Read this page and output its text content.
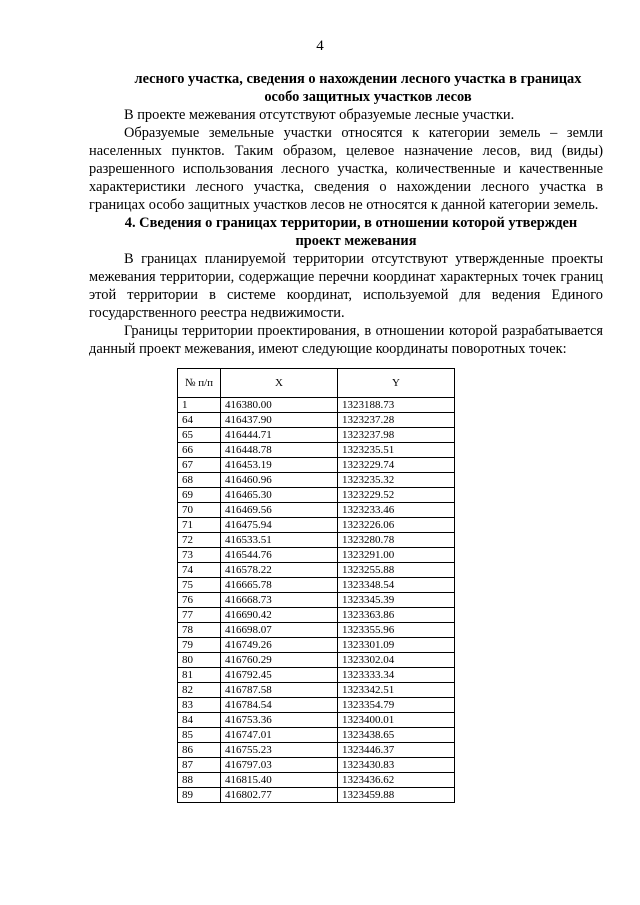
4
лесного участка, сведения о нахождении лесного участка в границах
особо защитных участков лесов

В проекте межевания отсутствуют образуемые лесные участки.

Образуемые земельные участки относятся к категории земель – земли населенных пунктов. Таким образом, целевое назначение лесов, вид (виды) разрешенного использования лесного участка, количественные и качественные характеристики лесного участка, сведения о нахождении лесного участка в границах особо защитных участков лесов не относятся к данной категории земель.

4. Сведения о границах территории, в отношении которой утвержден
проект межевания

В границах планируемой территории отсутствуют утвержденные проекты межевания территории, содержащие перечни координат характерных точек границ этой территории в системе координат, используемой для ведения Единого государственного реестра недвижимости.

Границы территории проектирования, в отношении которой разрабатывается данный проект межевания, имеют следующие координаты поворотных точек:

№ п/п	X	Y
1	416380.00	1323188.73
64	416437.90	1323237.28
65	416444.71	1323237.98
66	416448.78	1323235.51
67	416453.19	1323229.74
68	416460.96	1323235.32
69	416465.30	1323229.52
70	416469.56	1323233.46
71	416475.94	1323226.06
72	416533.51	1323280.78
73	416544.76	1323291.00
74	416578.22	1323255.88
75	416665.78	1323348.54
76	416668.73	1323345.39
77	416690.42	1323363.86
78	416698.07	1323355.96
79	416749.26	1323301.09
80	416760.29	1323302.04
81	416792.45	1323333.34
82	416787.58	1323342.51
83	416784.54	1323354.79
84	416753.36	1323400.01
85	416747.01	1323438.65
86	416755.23	1323446.37
87	416797.03	1323430.83
88	416815.40	1323436.62
89	416802.77	1323459.88
